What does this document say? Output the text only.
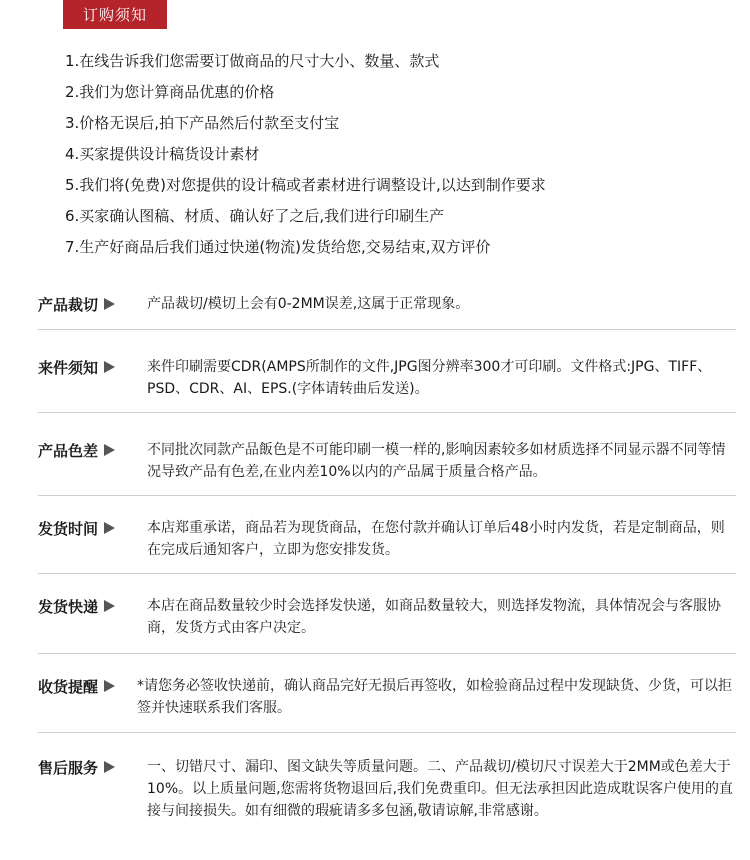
订购须知
1.在线告诉我们您需要订做商品的尺寸大小、数量、款式
2.我们为您计算商品优惠的价格
3.价格无误后,拍下产品然后付款至支付宝
4.买家提供设计稿货设计素材
5.我们将(免费)对您提供的设计稿或者素材进行调整设计,以达到制作要求
6.买家确认图稿、材质、确认好了之后,我们进行印刷生产
7.生产好商品后我们通过快递(物流)发货给您,交易结束,双方评价
产品裁切	产品裁切/模切上会有0-2MM误差,这属于正常现象。
来件须知	来件印刷需要CDR(AMPS所制作的文件,JPG图分辨率300才可印刷。文件格式:JPG、TIFF、PSD、CDR、AI、EPS.(字体请转曲后发送)。
产品色差	不同批次同款产品飯色是不可能印刷一模一样的,影响因素较多如材质选择不同显示器不同等情况导致产品有色差,在业内差10%以内的产品属于质量合格产品。
发货时间	本店郑重承诺，商品若为现货商品，在您付款并确认订单后48小时内发货，若是定制商品，则在完成后通知客户，立即为您安排发货。
发货快递	本店在商品数量较少时会选择发快递，如商品数量较大，则选择发物流，具体情况会与客服协商，发货方式由客户决定。
收货提醒	*请您务必签收快递前，确认商品完好无损后再签收，如检验商品过程中发现缺货、少货，可以拒签并快速联系我们客服。
售后服务	一、切错尺寸、漏印、图文缺失等质量问题。二、产品裁切/模切尺寸误差大于2MM或色差大于10%。以上质量问题,您需将货物退回后,我们免费重印。但无法承担因此造成耽误客户使用的直接与间接损失。如有细微的瑕疵请多多包涵,敬请谅解,非常感谢。
